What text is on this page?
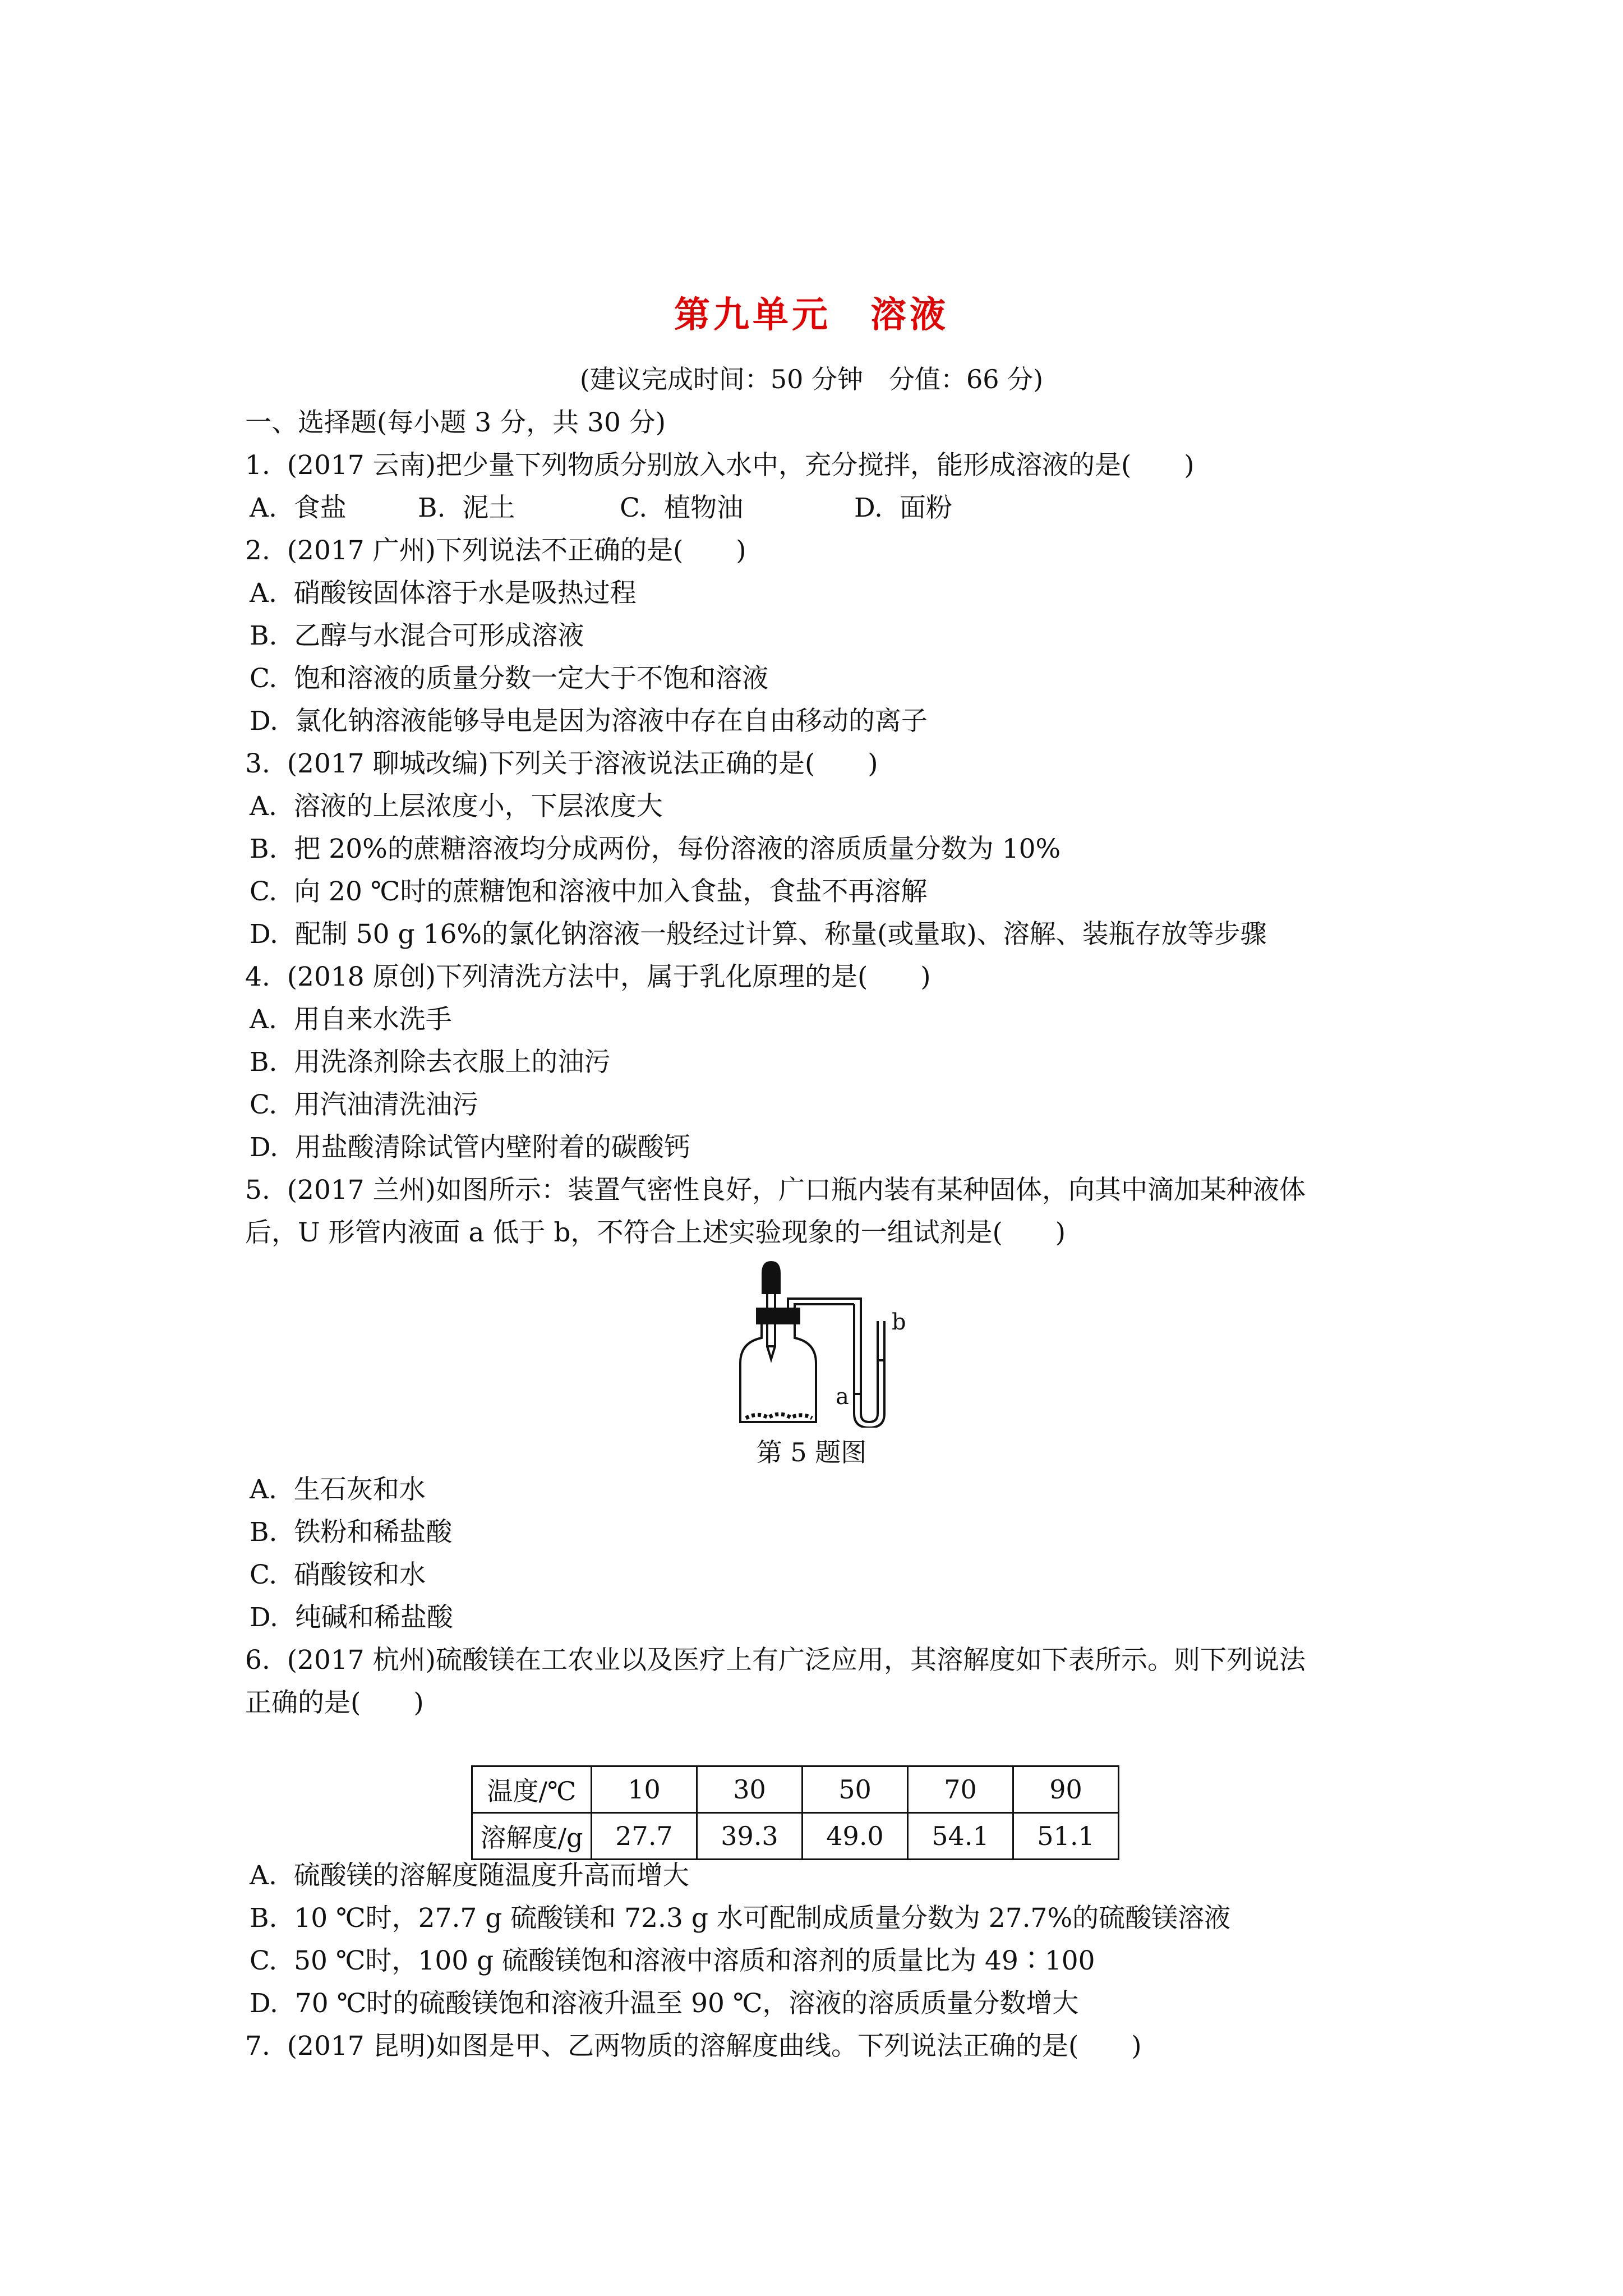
第九单元　溶液
(建议完成时间：50 分钟　分值：66 分)
一、选择题(每小题 3 分，共 30 分)
1.  (2017 云南)把少量下列物质分别放入水中，充分搅拌，能形成溶液的是(　　)

A.  食盐

	B.  泥土

	C.  植物油

	D.  面粉

2.  (2017 广州)下列说法不正确的是(　　)
A.  硝酸铵固体溶于水是吸热过程
B.  乙醇与水混合可形成溶液
C.  饱和溶液的质量分数一定大于不饱和溶液
D.  氯化钠溶液能够导电是因为溶液中存在自由移动的离子
3.  (2017 聊城改编)下列关于溶液说法正确的是(　　)
A.  溶液的上层浓度小，下层浓度大
B.  把 20%的蔗糖溶液均分成两份，每份溶液的溶质质量分数为 10%
C.  向 20 ℃时的蔗糖饱和溶液中加入食盐，食盐不再溶解
D.  配制 50 g 16%的氯化钠溶液一般经过计算、称量(或量取)、溶解、装瓶存放等步骤
4.  (2018 原创)下列清洗方法中，属于乳化原理的是(　　)
A.  用自来水洗手
B.  用洗涤剂除去衣服上的油污
C.  用汽油清洗油污
D.  用盐酸清除试管内壁附着的碳酸钙
5.  (2017 兰州)如图所示：装置气密性良好，广口瓶内装有某种固体，向其中滴加某种液体
后，U 形管内液面 a 低于 b，不符合上述实验现象的一组试剂是(　　)
a
b
第 5 题图
A.  生石灰和水
B.  铁粉和稀盐酸
C.  硝酸铵和水
D.  纯碱和稀盐酸
6.  (2017 杭州)硫酸镁在工农业以及医疗上有广泛应用，其溶解度如下表所示。则下列说法
正确的是(　　)
温度/℃	10	30	50	70	90
溶解度/g	27.7	39.3	49.0	54.1	51.1
A.  硫酸镁的溶解度随温度升高而增大
B.  10 ℃时，27.7 g 硫酸镁和 72.3 g 水可配制成质量分数为 27.7%的硫酸镁溶液
C.  50 ℃时，100 g 硫酸镁饱和溶液中溶质和溶剂的质量比为 49∶100
D.  70 ℃时的硫酸镁饱和溶液升温至 90 ℃，溶液的溶质质量分数增大
7.  (2017 昆明)如图是甲、乙两物质的溶解度曲线。下列说法正确的是(　　)
